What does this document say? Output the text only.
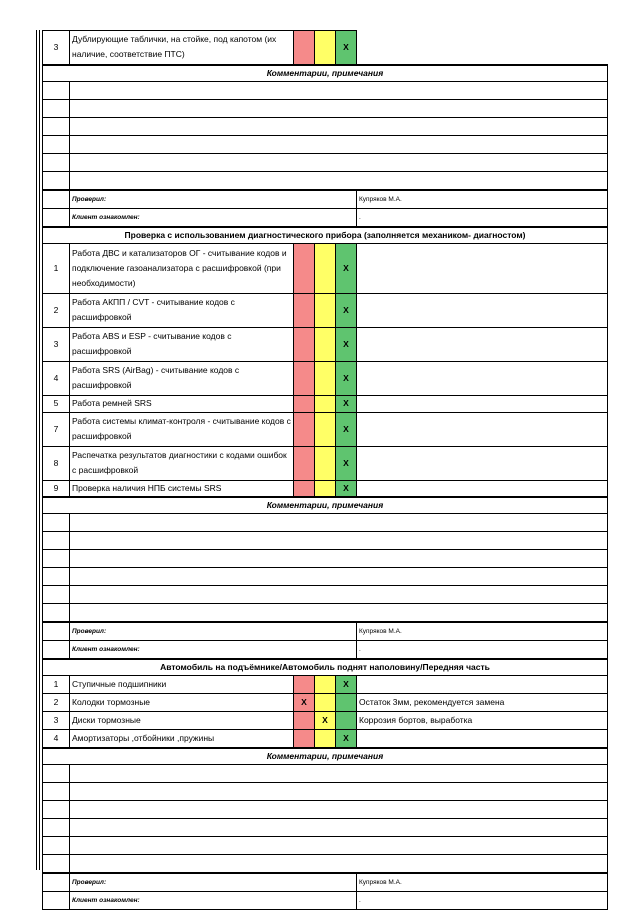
3	Дублирующие таблички, на стойке, под капотом (их наличие, соответствие ПТС)			X	
Комментарии, примечания					

	Проверил:				Купряков М.А.
	Клиент ознакомлен:				.
Проверка с использованием диагностического прибора (заполняется механиком- диагностом)					
1	Работа ДВС и катализаторов ОГ - считывание кодов и подключение газоанализатора с расшифровкой (при необходимости)			X	
2	Работа АКПП / CVT - считывание кодов с расшифровкой			X	
3	Работа ABS и ESP - считывание кодов с расшифровкой			X	
4	Работа SRS (AirBag) - считывание кодов с расшифровкой			X	
5	Работа ремней SRS			X	
7	Работа системы климат-контроля - считывание кодов с расшифровкой			X	
8	Распечатка результатов диагностики с кодами ошибок с расшифровкой			X	
9	Проверка наличия НПБ системы SRS			X	
Комментарии, примечания					

	Проверил:				Купряков М.А.
	Клиент ознакомлен:				.
Автомобиль на подъёмнике/Автомобиль поднят наполовину/Передняя часть					
1	Ступичные подшипники			X	
2	Колодки тормозные	X			Остаток 3мм, рекомендуется замена
3	Диски тормозные		X		Коррозия бортов, выработка
4	Амортизаторы ,отбойники ,пружины			X	
Комментарии, примечания					

	Проверил:				Купряков М.А.
	Клиент ознакомлен:				.
